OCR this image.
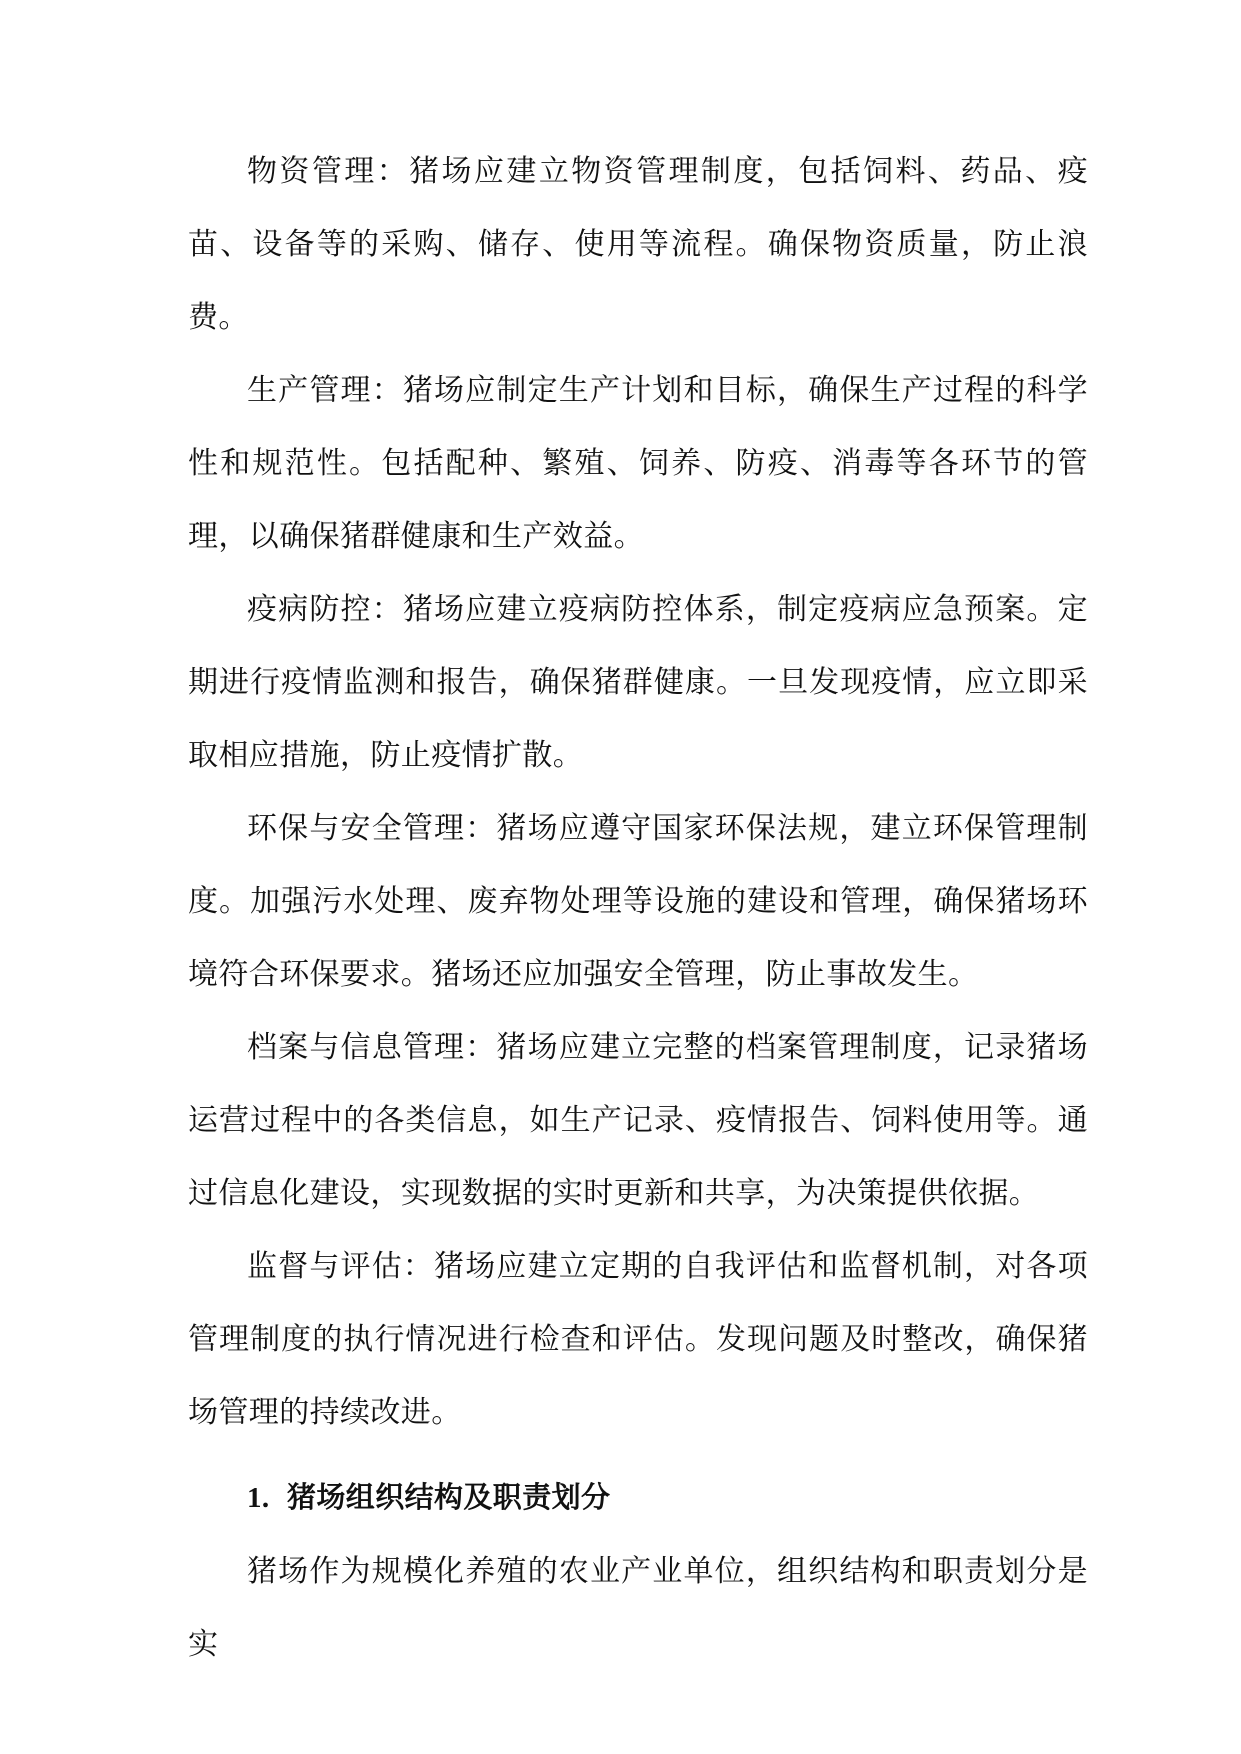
物资管理：猪场应建立物资管理制度，包括饲料、药品、疫苗、设备等的采购、储存、使用等流程。确保物资质量，防止浪费。

生产管理：猪场应制定生产计划和目标，确保生产过程的科学性和规范性。包括配种、繁殖、饲养、防疫、消毒等各环节的管理，以确保猪群健康和生产效益。

疫病防控：猪场应建立疫病防控体系，制定疫病应急预案。定期进行疫情监测和报告，确保猪群健康。一旦发现疫情，应立即采取相应措施，防止疫情扩散。

环保与安全管理：猪场应遵守国家环保法规，建立环保管理制度。加强污水处理、废弃物处理等设施的建设和管理，确保猪场环境符合环保要求。猪场还应加强安全管理，防止事故发生。

档案与信息管理：猪场应建立完整的档案管理制度，记录猪场运营过程中的各类信息，如生产记录、疫情报告、饲料使用等。通过信息化建设，实现数据的实时更新和共享，为决策提供依据。

监督与评估：猪场应建立定期的自我评估和监督机制，对各项管理制度的执行情况进行检查和评估。发现问题及时整改，确保猪场管理的持续改进。

1. 猪场组织结构及职责划分

猪场作为规模化养殖的农业产业单位，组织结构和职责划分是实
